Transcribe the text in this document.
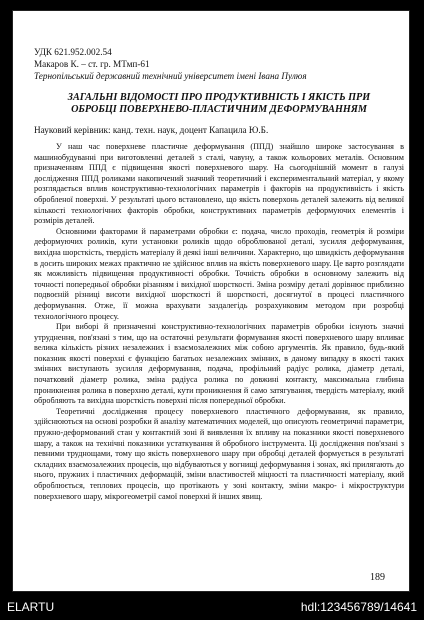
УДК 621.952.002.54

Макаров К. – ст. гр. МТмп-61

Тернопільський державний технічний університет імені Івана Пулюя

ЗАГАЛЬНІ ВІДОМОСТІ ПРО ПРОДУКТИВНІСТЬ І ЯКІСТЬ ПРИ
ОБРОБЦІ ПОВЕРХНЕВО-ПЛАСТИЧНИМ ДЕФОРМУВАННЯМ

Науковий керівник: канд. техн. наук, доцент Капацила Ю.Б.

У наш час поверхневе пластичне деформування (ППД) знайшло широке застосування в машинобудуванні при виготовленні деталей з сталі, чавуну, а також кольорових металів. Основним призначенням ППД є підвищення якості поверхневого шару. На сьогоднішній момент в галузі дослідження ППД роликами накопичений значний теоретичний і експериментальний матеріал, у якому розглядається вплив конструктивно-технологічних параметрів і факторів на продуктивність і якість обробленої поверхні. У результаті цього встановлено, що якість поверхонь деталей залежить від великої кількості технологічних факторів обробки, конструктивних параметрів деформуючих елементів і розмірів деталей.

Основними факторами й параметрами обробки є: подача, число проходів, геометрія й розміри деформуючих роликів, кути установки роликів щодо оброблюваної деталі, зусилля деформування, вихідна шорсткість, твердість матеріалу й деякі інші величини. Характерно, що швидкість деформування в досить широких межах практично не здійснює вплив на якість поверхневого шару. Це варто розглядати як можливість підвищення продуктивності обробки. Точність обробки в основному залежить від точності попередньої обробки різанням і вихідної шорсткості. Зміна розміру деталі дорівнює приблизно подвоєній різниці висоти вихідної шорсткості й шорсткості, досягнутої в процесі пластичного деформування. Отже, її можна врахувати заздалегідь розрахунковим методом при розробці технологічного процесу.

При виборі й призначенні конструктивно-технологічних параметрів обробки існують значні утруднення, пов'язані з тим, що на остаточні результати формування якості поверхневого шару впливає велика кількість різних незалежних і взаємозалежних між собою аргументів. Як правило, будь-який показник якості поверхні є функцією багатьох незалежних змінних, в даному випадку в якості таких змінних виступають зусилля деформування, подача, профільний радіус ролика, діаметр деталі, початковий діаметр ролика, зміна радіуса ролика по довжині контакту, максимальна глибина проникнення ролика в поверхню деталі, кути проникнення й само затягування, твердість матеріалу, який обробляють та вихідна шорсткість поверхні після попередньої обробки.

Теоретичні дослідження процесу поверхневого пластичного деформування, як правило, здійснюються на основі розробки й аналізу математичних моделей, що описують геометричні параметри, пружно-деформований стан у контактній зоні й виявлення їх впливу на показники якості поверхневого шару, а також на технічні показники устаткування й обробного інструмента. Ці дослідження пов'язані з певними труднощами, тому що якість поверхневого шару при обробці деталей формується в результаті складних взаємозалежних процесів, що відбуваються у вогнищі деформування і зонах, які прилягають до нього, пружних і пластичних деформацій, зміни властивостей міцності та пластичності матеріалу, який оброблюється, теплових процесів, що протікають у зоні контакту, зміни макро- і мікроструктури поверхневого шару, мікрогеометрії самої поверхні й інших явищ.

189
ELARTU	hdl:123456789/14641
